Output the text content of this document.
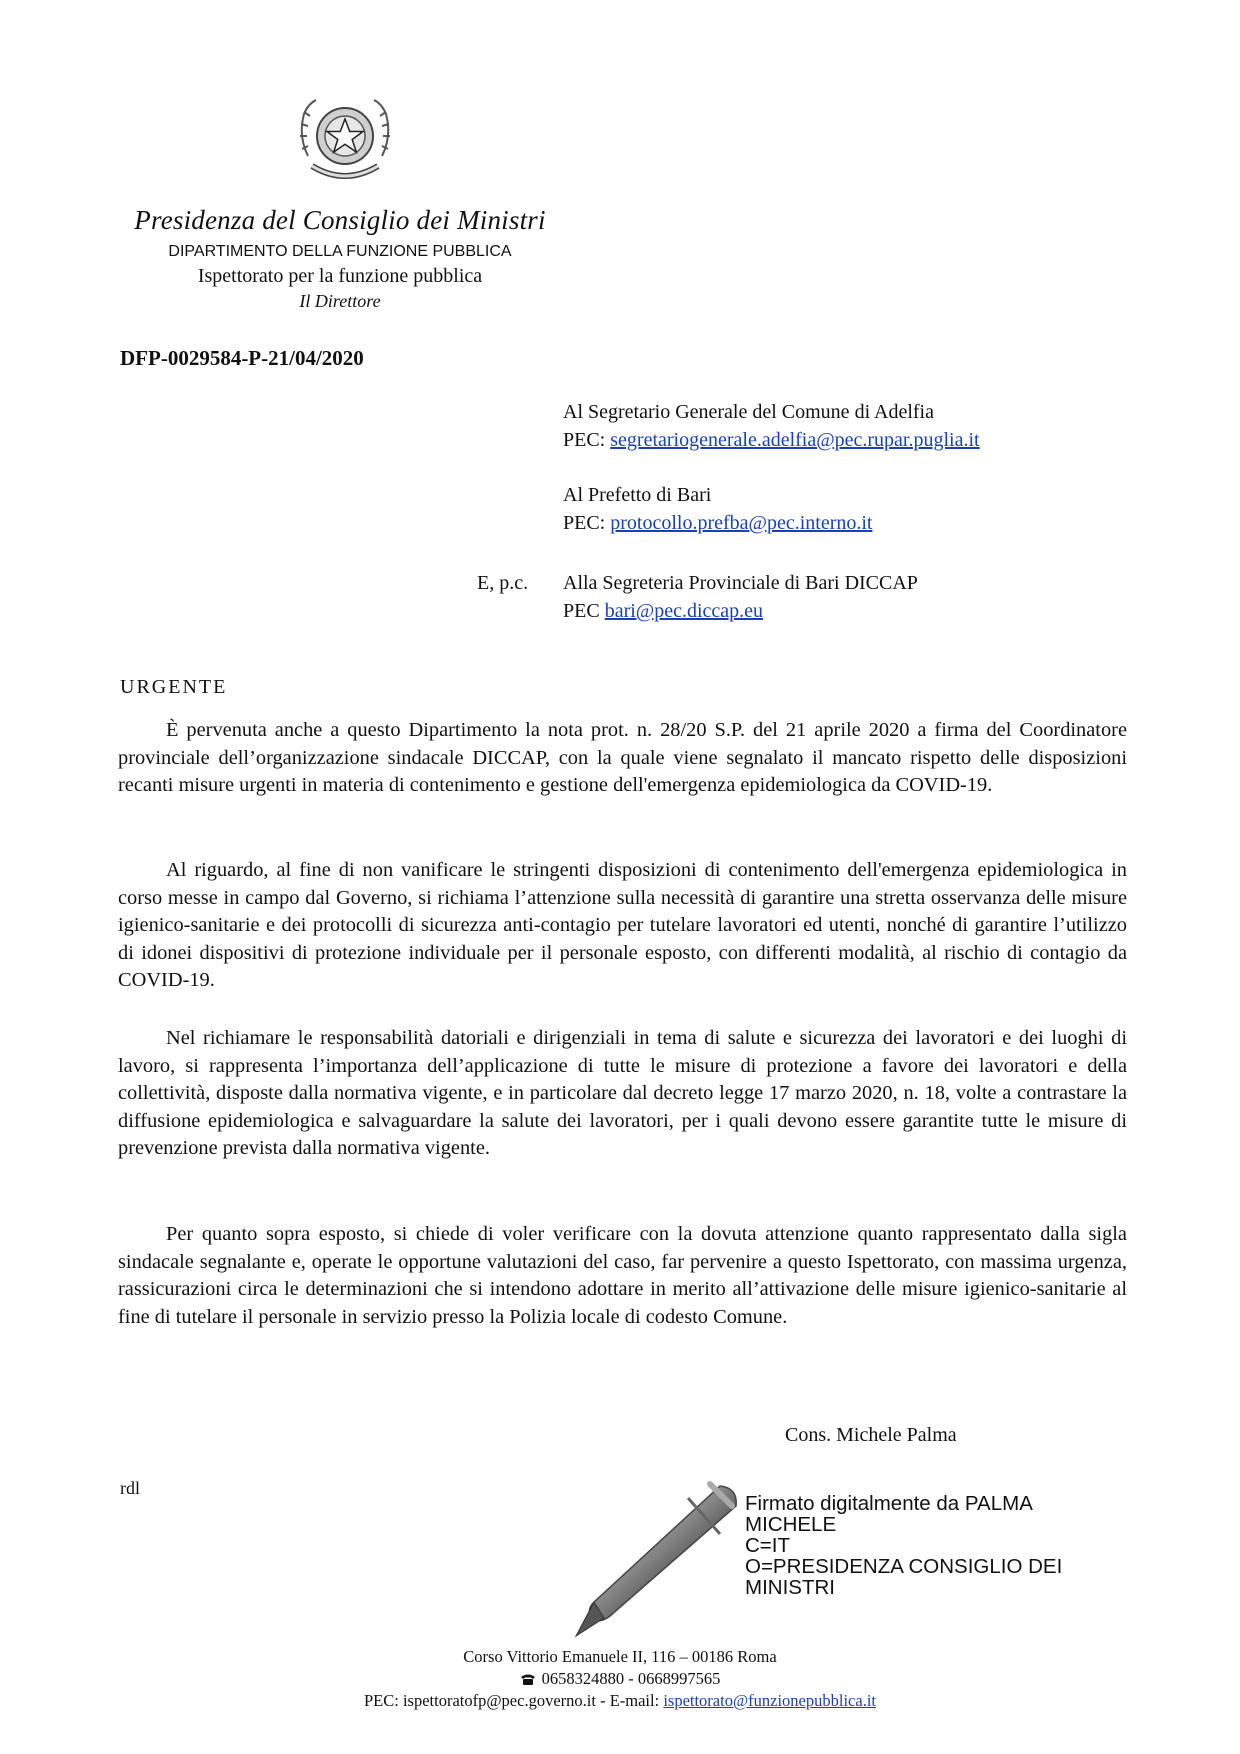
Presidenza del Consiglio dei Ministri
DIPARTIMENTO DELLA FUNZIONE PUBBLICA
Ispettorato per la funzione pubblica
Il Direttore
DFP-0029584-P-21/04/2020
Al Segretario Generale del Comune di Adelfia
PEC: segretariogenerale.adelfia@pec.rupar.puglia.it
Al Prefetto di Bari
PEC: protocollo.prefba@pec.interno.it
E, p.c. Alla Segreteria Provinciale di Bari DICCAP
PEC bari@pec.diccap.eu
URGENTE
È pervenuta anche a questo Dipartimento la nota prot. n. 28/20 S.P. del 21 aprile 2020 a firma del Coordinatore provinciale dell’organizzazione sindacale DICCAP, con la quale viene segnalato il mancato rispetto delle disposizioni recanti misure urgenti in materia di contenimento e gestione dell'emergenza epidemiologica da COVID-19.
Al riguardo, al fine di non vanificare le stringenti disposizioni di contenimento dell'emergenza epidemiologica in corso messe in campo dal Governo, si richiama l’attenzione sulla necessità di garantire una stretta osservanza delle misure igienico-sanitarie e dei protocolli di sicurezza anti-contagio per tutelare lavoratori ed utenti, nonché di garantire l’utilizzo di idonei dispositivi di protezione individuale per il personale esposto, con differenti modalità, al rischio di contagio da COVID-19.
Nel richiamare le responsabilità datoriali e dirigenziali in tema di salute e sicurezza dei lavoratori e dei luoghi di lavoro, si rappresenta l’importanza dell’applicazione di tutte le misure di protezione a favore dei lavoratori e della collettività, disposte dalla normativa vigente, e in particolare dal decreto legge 17 marzo 2020, n. 18, volte a contrastare la diffusione epidemiologica e salvaguardare la salute dei lavoratori, per i quali devono essere garantite tutte le misure di prevenzione prevista dalla normativa vigente.
Per quanto sopra esposto, si chiede di voler verificare con la dovuta attenzione quanto rappresentato dalla sigla sindacale segnalante e, operate le opportune valutazioni del caso, far pervenire a questo Ispettorato, con massima urgenza, rassicurazioni circa le determinazioni che si intendono adottare in merito all’attivazione delle misure igienico-sanitarie al fine di tutelare il personale in servizio presso la Polizia locale di codesto Comune.
Cons. Michele Palma
rdl
Firmato digitalmente da PALMA
MICHELE
C=IT
O=PRESIDENZA CONSIGLIO DEI
MINISTRI
Corso Vittorio Emanuele II, 116 – 00186 Roma
0658324880 - 0668997565
PEC: ispettoratofp@pec.governo.it - E-mail: ispettorato@funzionepubblica.it
